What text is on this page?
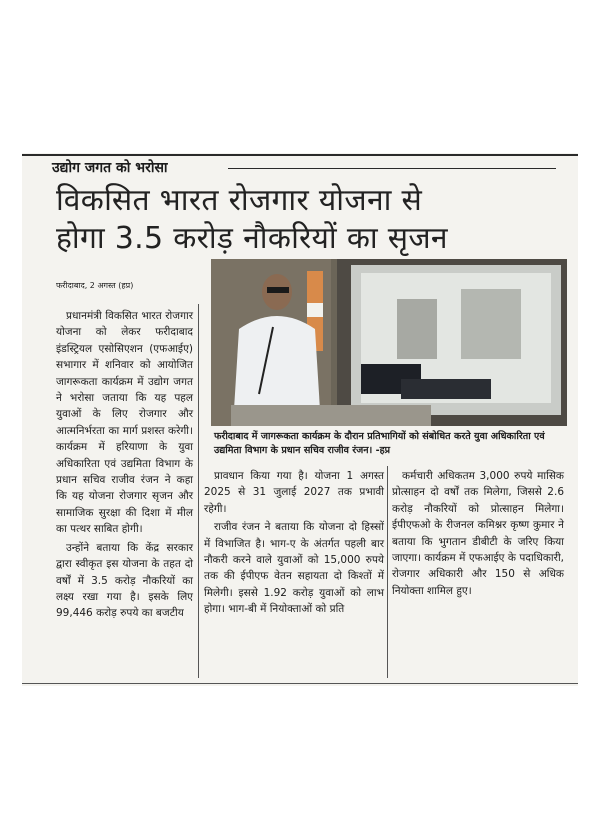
उद्योग जगत को भरोसा
विकसित भारत रोजगार योजना से
होगा 3.5 करोड़ नौकरियों का सृजन
फरीदाबाद, 2 अगस्त (हप्र)
फरीदाबाद में जागरूकता कार्यक्रम के दौरान प्रतिभागियों को संबोधित करते युवा अधिकारिता एवं उद्यमिता विभाग के प्रधान सचिव राजीव रंजन। -हप्र

प्रधानमंत्री विकसित भारत रोजगार योजना को लेकर फरीदाबाद इंडस्ट्रियल एसोसिएशन (एफआईए) सभागार में शनिवार को आयोजित जागरूकता कार्यक्रम में उद्योग जगत ने भरोसा जताया कि यह पहल युवाओं के लिए रोजगार और आत्मनिर्भरता का मार्ग प्रशस्त करेगी। कार्यक्रम में हरियाणा के युवा अधिकारिता एवं उद्यमिता विभाग के प्रधान सचिव राजीव रंजन ने कहा कि यह योजना रोजगार सृजन और सामाजिक सुरक्षा की दिशा में मील का पत्थर साबित होगी।

उन्होंने बताया कि केंद्र सरकार द्वारा स्वीकृत इस योजना के तहत दो वर्षों में 3.5 करोड़ नौकरियों का लक्ष्य रखा गया है। इसके लिए 99,446 करोड़ रुपये का बजटीय

प्रावधान किया गया है। योजना 1 अगस्त 2025 से 31 जुलाई 2027 तक प्रभावी रहेगी।

राजीव रंजन ने बताया कि योजना दो हिस्सों में विभाजित है। भाग-ए के अंतर्गत पहली बार नौकरी करने वाले युवाओं को 15,000 रुपये तक की ईपीएफ वेतन सहायता दो किश्तों में मिलेगी। इससे 1.92 करोड़ युवाओं को लाभ होगा। भाग-बी में नियोक्ताओं को प्रति

कर्मचारी अधिकतम 3,000 रुपये मासिक प्रोत्साहन दो वर्षों तक मिलेगा, जिससे 2.6 करोड़ नौकरियों को प्रोत्साहन मिलेगा। ईपीएफओ के रीजनल कमिश्नर कृष्ण कुमार ने बताया कि भुगतान डीबीटी के जरिए किया जाएगा। कार्यक्रम में एफआईए के पदाधिकारी, रोजगार अधिकारी और 150 से अधिक नियोक्ता शामिल हुए।
